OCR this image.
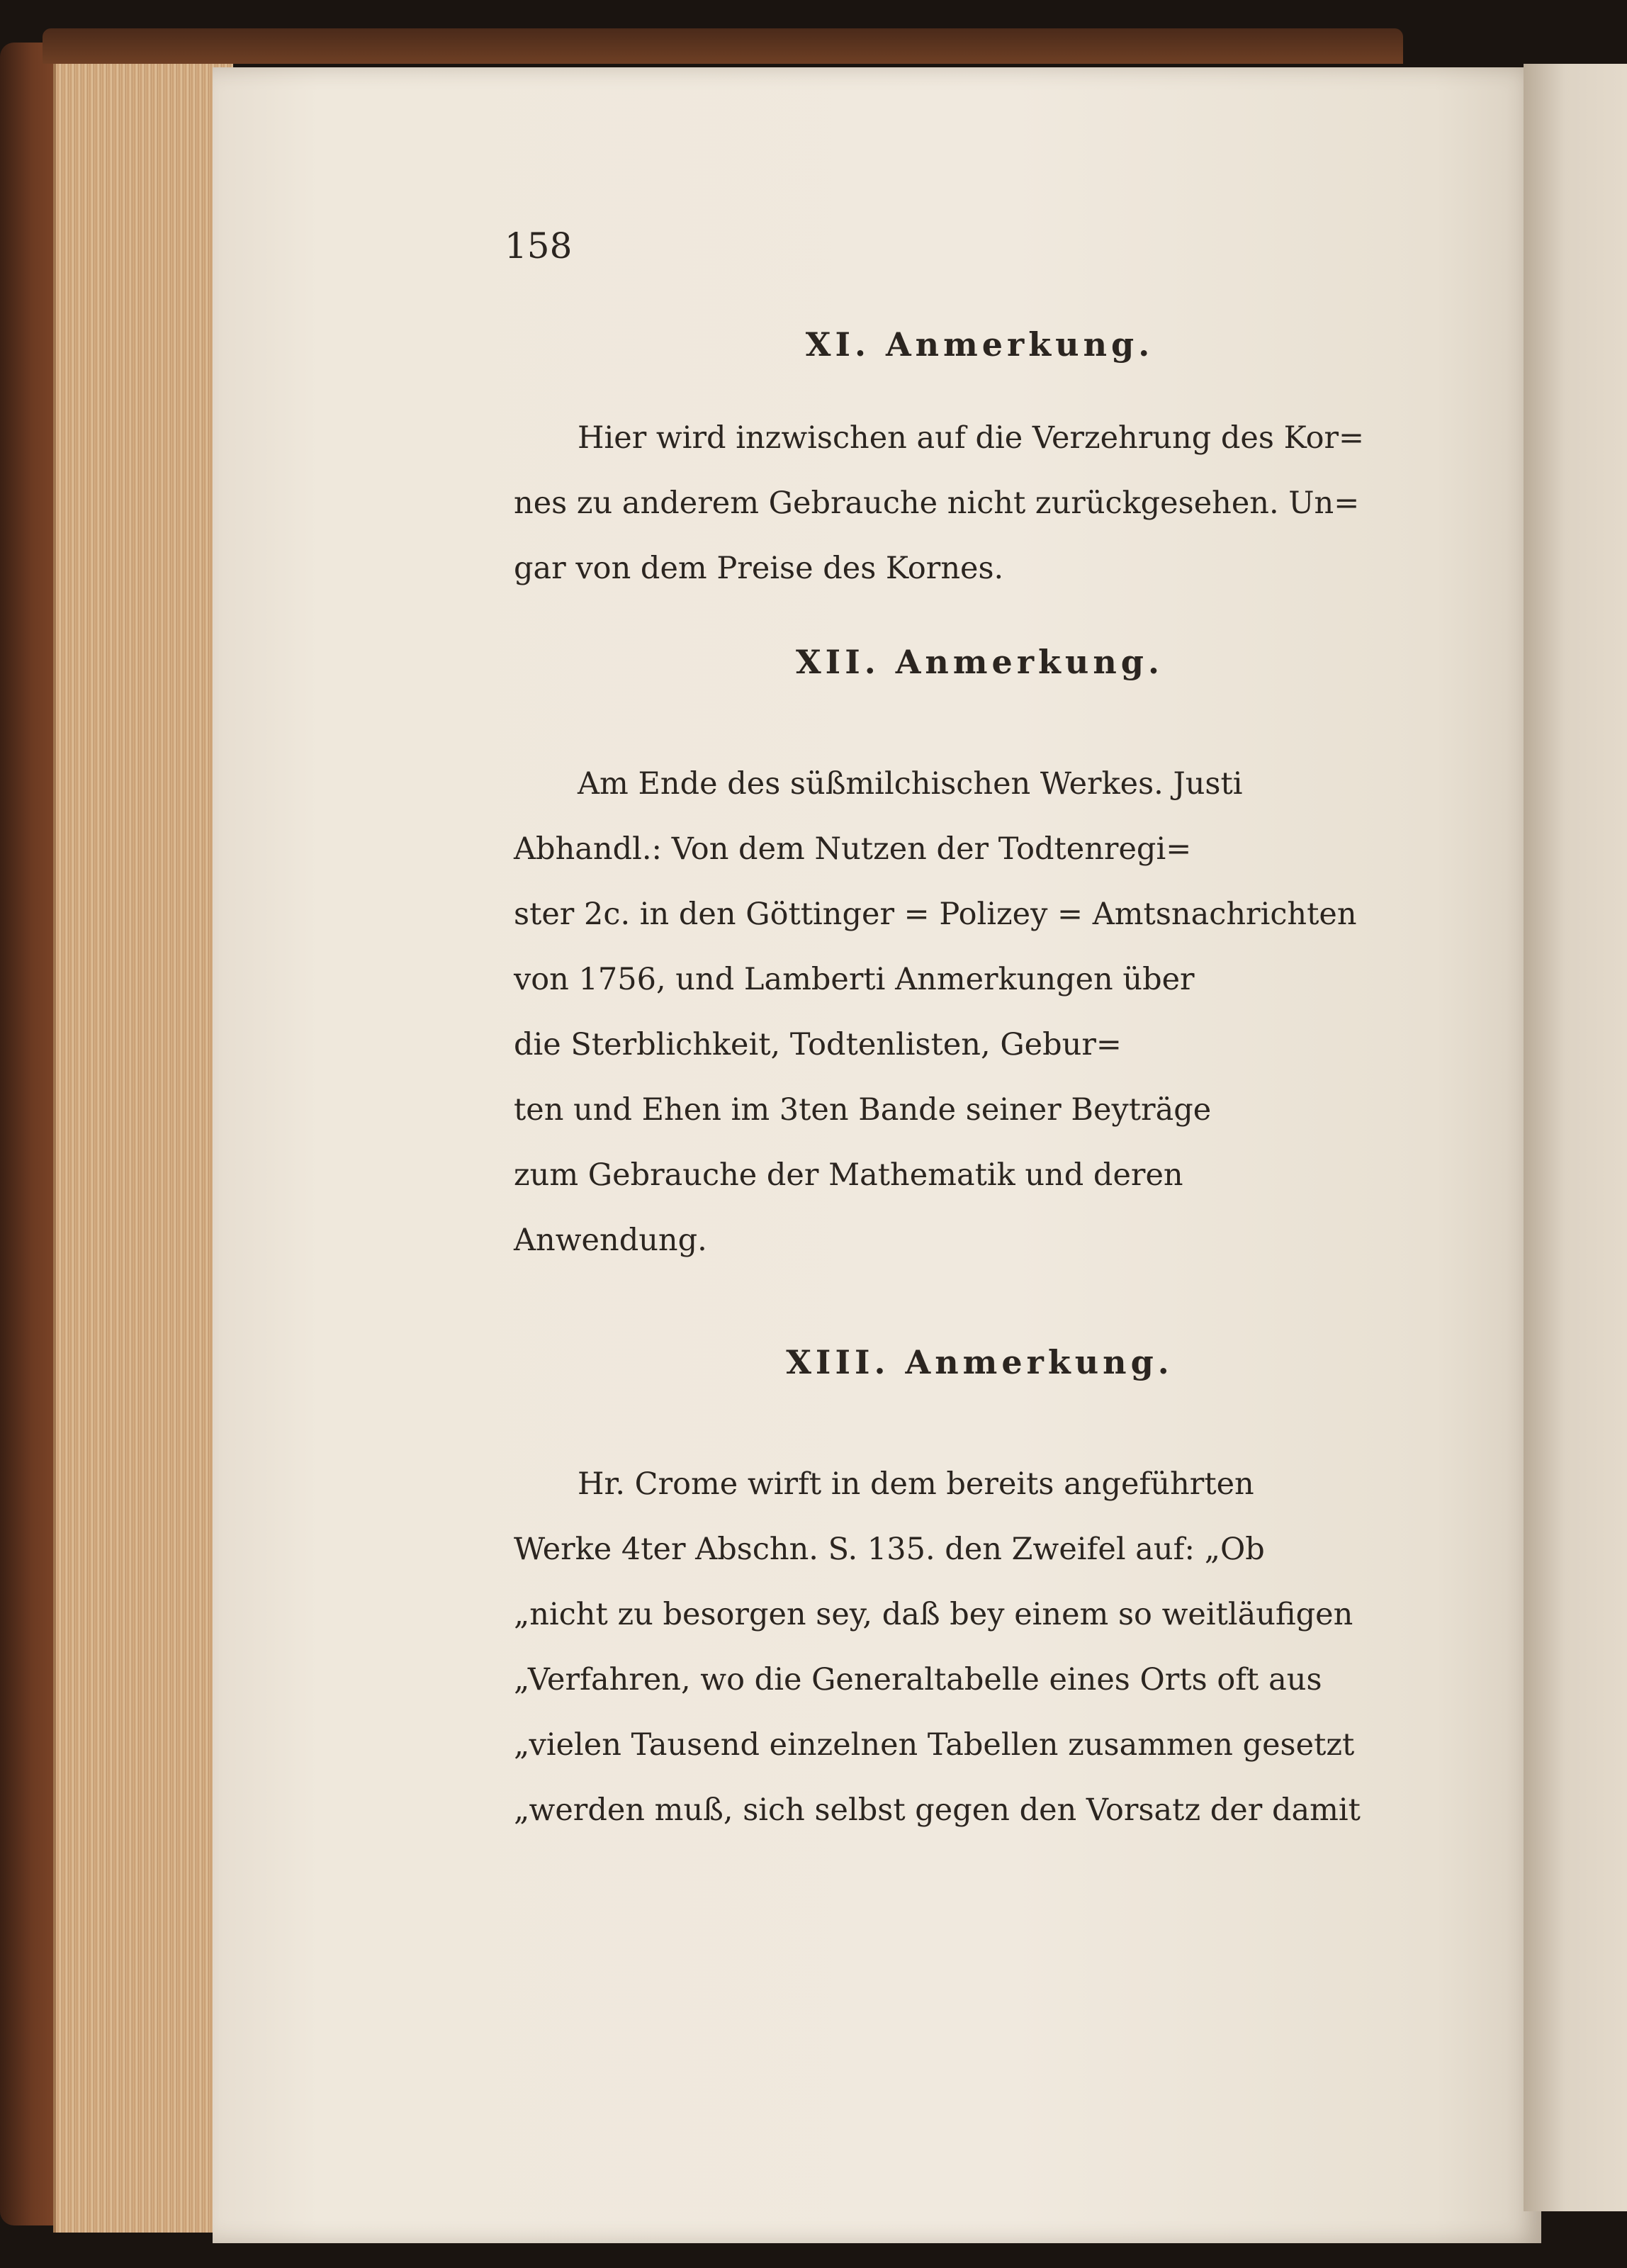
158
XI. Anmerkung.
Hier wird inzwischen auf die Verzehrung des Kor=
nes zu anderem Gebrauche nicht zurückgesehen. Un=
gar von dem Preise des Kornes.
XII. Anmerkung.
Am Ende des süßmilchischen Werkes. Justi
Abhandl.: Von dem Nutzen der Todtenregi=
ster 2c. in den Göttinger = Polizey = Amtsnachrichten
von 1756, und Lamberti Anmerkungen über
die Sterblichkeit, Todtenlisten, Gebur=
ten und Ehen im 3ten Bande seiner Beyträge
zum Gebrauche der Mathematik und deren
Anwendung.
XIII. Anmerkung.
Hr. Crome wirft in dem bereits angeführten
Werke 4ter Abschn. S. 135. den Zweifel auf: „Ob
„nicht zu besorgen sey, daß bey einem so weitläufigen
„Verfahren, wo die Generaltabelle eines Orts oft aus
„vielen Tausend einzelnen Tabellen zusammen gesetzt
„werden muß, sich selbst gegen den Vorsatz der damit
